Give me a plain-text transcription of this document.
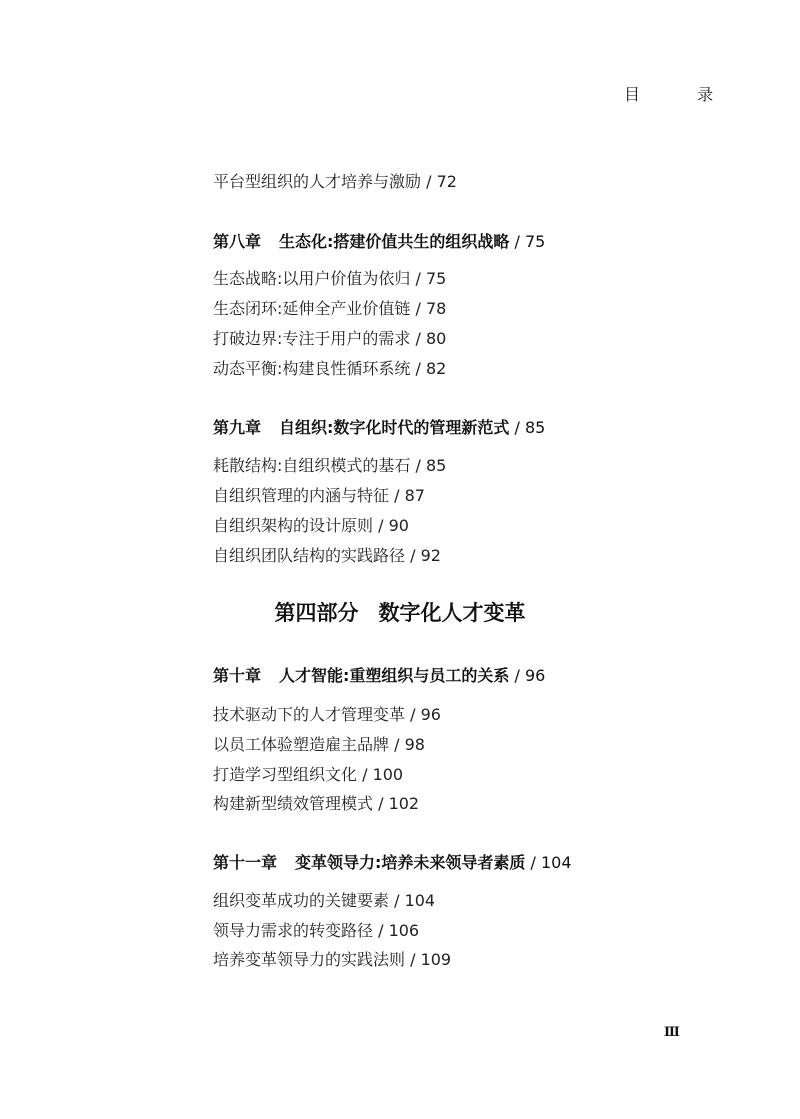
目 录
平台型组织的人才培养与激励 / 72
第八章 生态化:搭建价值共生的组织战略 / 75
生态战略:以用户价值为依归 / 75
生态闭环:延伸全产业价值链 / 78
打破边界:专注于用户的需求 / 80
动态平衡:构建良性循环系统 / 82
第九章 自组织:数字化时代的管理新范式 / 85
耗散结构:自组织模式的基石 / 85
自组织管理的内涵与特征 / 87
自组织架构的设计原则 / 90
自组织团队结构的实践路径 / 92
第四部分 数字化人才变革
第十章 人才智能:重塑组织与员工的关系 / 96
技术驱动下的人才管理变革 / 96
以员工体验塑造雇主品牌 / 98
打造学习型组织文化 / 100
构建新型绩效管理模式 / 102
第十一章 变革领导力:培养未来领导者素质 / 104
组织变革成功的关键要素 / 104
领导力需求的转变路径 / 106
培养变革领导力的实践法则 / 109
Ⅲ
